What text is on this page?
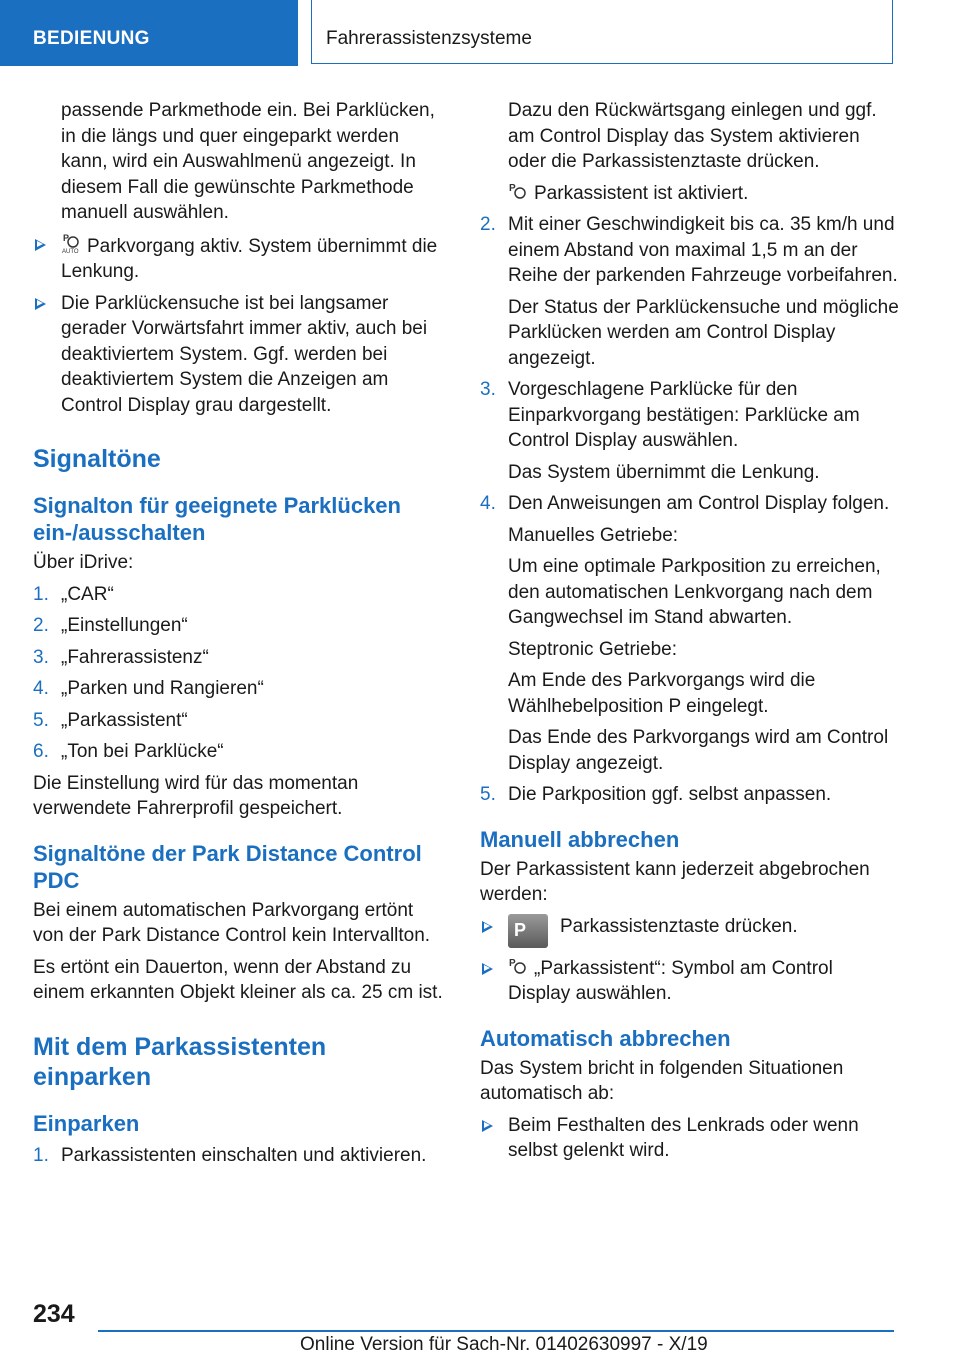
BEDIENUNG	Fahrerassistenzsysteme

passende Parkmethode ein. Bei Parklücken, in die längs und quer eingeparkt werden kann, wird ein Auswahlmenü angezeigt. In diesem Fall die gewünschte Parkmethode manuell auswählen.

P
AUTO Parkvorgang aktiv. System übernimmt die Lenkung.
Die Parklückensuche ist bei langsamer gerader Vorwärtsfahrt immer aktiv, auch bei deaktiviertem System. Ggf. werden bei deaktiviertem System die Anzeigen am Control Display grau dargestellt.
Signaltöne
Signalton für geeignete Parklücken ein-/ausschalten

Über iDrive:

1. „CAR“
2. „Einstellungen“
3. „Fahrerassistenz“
4. „Parken und Rangieren“
5. „Parkassistent“
6. „Ton bei Parklücke“

Die Einstellung wird für das momentan verwendete Fahrerprofil gespeichert.

Signaltöne der Park Distance Control PDC

Bei einem automatischen Parkvorgang ertönt von der Park Distance Control kein Intervallton.

Es ertönt ein Dauerton, wenn der Abstand zu einem erkannten Objekt kleiner als ca. 25 cm ist.

Mit dem Parkassistenten einparken
Einparken
1. Parkassistenten einschalten und aktivieren.

Dazu den Rückwärtsgang einlegen und ggf. am Control Display das System aktivieren oder die Parkassistenztaste drücken.

P Parkassistent ist aktiviert.

2. Mit einer Geschwindigkeit bis ca. 35 km/h und einem Abstand von maximal 1,5 m an der Reihe der parkenden Fahrzeuge vorbeifahren.

Der Status der Parklückensuche und mögliche Parklücken werden am Control Display angezeigt.

3. Vorgeschlagene Parklücke für den Einparkvorgang bestätigen: Parklücke am Control Display auswählen.

Das System übernimmt die Lenkung.

4. Den Anweisungen am Control Display folgen.

Manuelles Getriebe:

Um eine optimale Parkposition zu erreichen, den automatischen Lenkvorgang nach dem Gangwechsel im Stand abwarten.

Steptronic Getriebe:

Am Ende des Parkvorgangs wird die Wählhebelposition P eingelegt.

Das Ende des Parkvorgangs wird am Control Display angezeigt.

5. Die Parkposition ggf. selbst anpassen.
Manuell abbrechen

Der Parkassistent kann jederzeit abgebrochen werden:

P
Parkassistenztaste drücken.
P „Parkassistent“: Symbol am Control Display auswählen.
Automatisch abbrechen

Das System bricht in folgenden Situationen automatisch ab:

Beim Festhalten des Lenkrads oder wenn selbst gelenkt wird.
234
Online Version für Sach-Nr. 01402630997 - X/19
